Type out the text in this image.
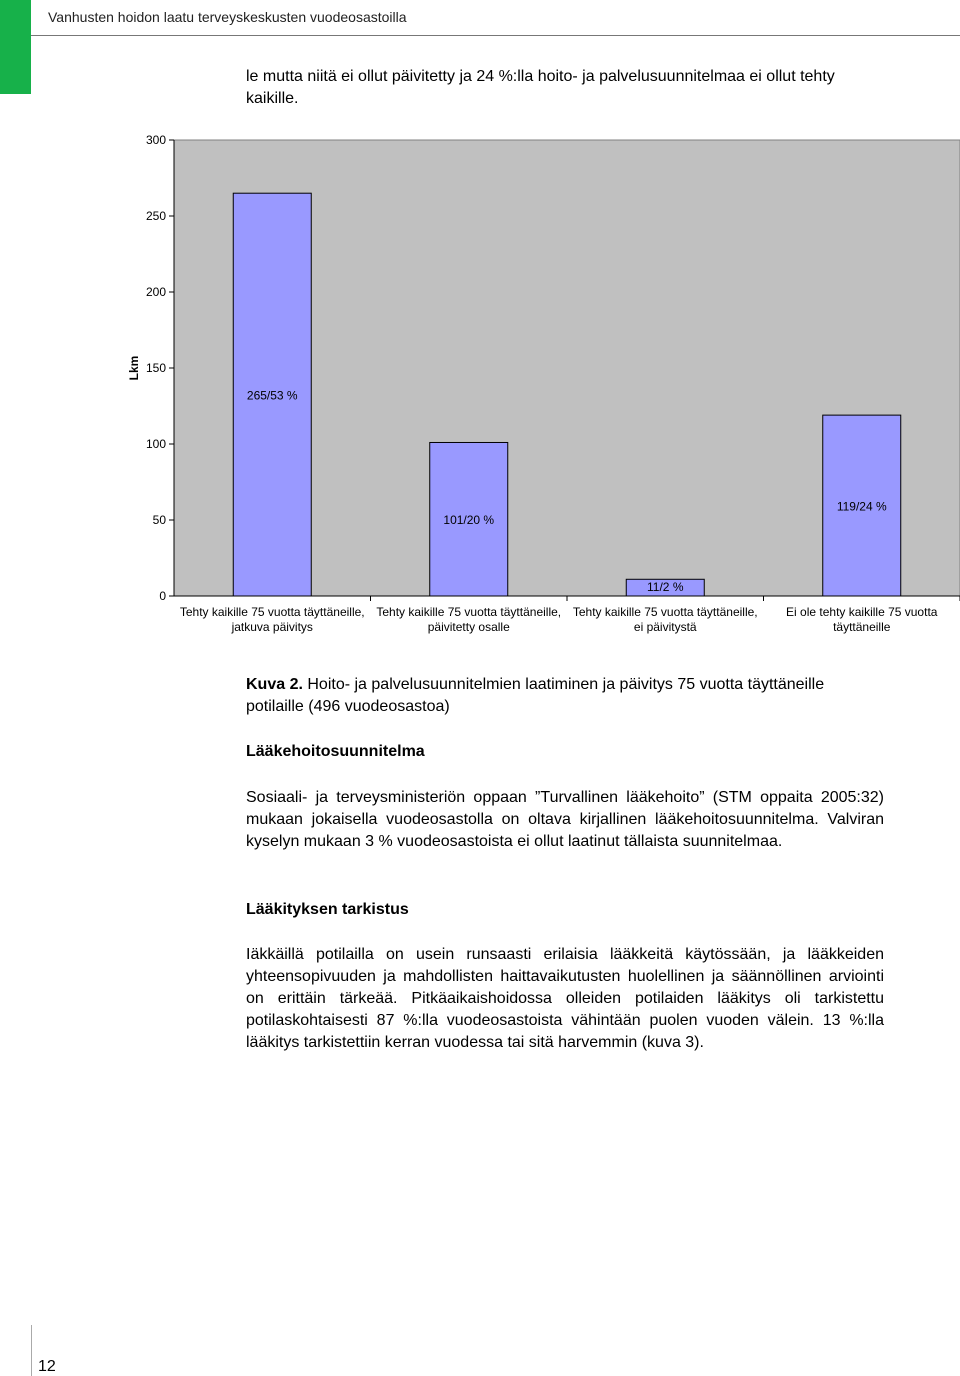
Vanhusten hoidon laatu terveyskeskusten vuodeosastoilla

le mutta niitä ei ollut päivitetty ja 24 %:lla hoito- ja palvelusuunnitelmaa ei ollut tehty kaikille.

0
50
100
150
200
250
300
265/53 %
101/20 %
11/2 %
119/24 %
Tehty kaikille 75 vuotta täyttäneille,
jatkuva päivitys
Tehty kaikille 75 vuotta täyttäneille,
päivitetty osalle
Tehty kaikille 75 vuotta täyttäneille,
ei päivitystä
Ei ole tehty kaikille 75 vuotta
täyttäneille
Lkm

Kuva 2. Hoito- ja palvelusuunnitelmien laatiminen ja päivitys 75 vuotta täyttäneille potilaille (496 vuodeosastoa)

Lääkehoitosuunnitelma

Sosiaali- ja terveysministeriön oppaan ”Turvallinen lääkehoito” (STM oppaita 2005:32) mukaan jokaisella vuodeosastolla on oltava kirjallinen lääkehoitosuunnitelma. Valviran kyselyn mukaan 3 % vuodeosastoista ei ollut laatinut tällaista suunnitelmaa.

Lääkityksen tarkistus

Iäkkäillä potilailla on usein runsaasti erilaisia lääkkeitä käytössään, ja lääkkeiden yhteensopivuuden ja mahdollisten haittavaikutusten huolellinen ja säännöllinen arviointi on erittäin tärkeää. Pitkäaikaishoidossa olleiden potilaiden lääkitys oli tarkistettu potilaskohtaisesti 87 %:lla vuodeosastoista vähintään puolen vuoden välein. 13 %:lla lääkitys tarkistettiin kerran vuodessa tai sitä harvemmin (kuva 3).

12
